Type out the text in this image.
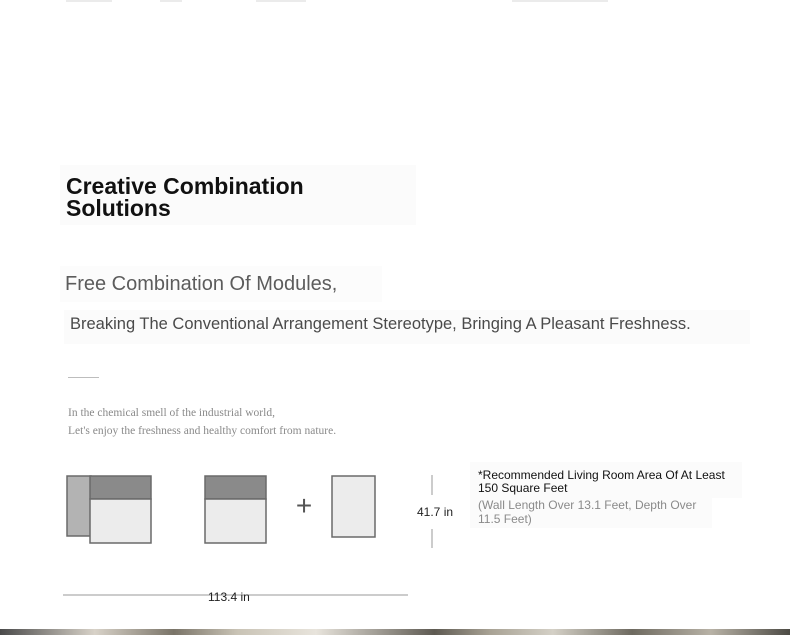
Creative Combination Solutions
Free Combination Of Modules,
Breaking The Conventional Arrangement Stereotype, Bringing A Pleasant Freshness.
In the chemical smell of the industrial world,
Let's enjoy the freshness and healthy comfort from nature.
+	41.7 in
113.4 in
*Recommended Living Room Area Of At Least 150 Square Feet
(Wall Length Over 13.1 Feet, Depth Over 11.5 Feet)
